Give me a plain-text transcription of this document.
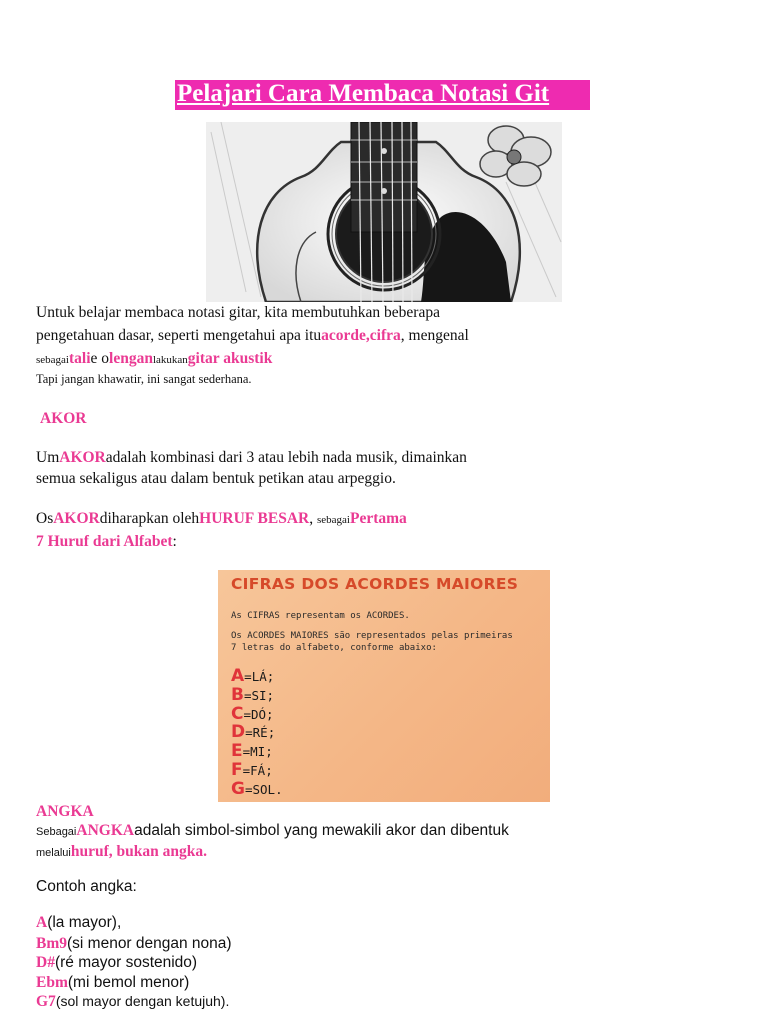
Pelajari Cara Membaca Notasi Git
Untuk belajar membaca notasi gitar, kita membutuhkan beberapa
pengetahuan dasar, seperti mengetahui apa ituacorde,cifra, mengenal
sebagaitalie olenganlakukangitar akustik
Tapi jangan khawatir, ini sangat sederhana.
AKOR
UmAKORadalah kombinasi dari 3 atau lebih nada musik, dimainkan
semua sekaligus atau dalam bentuk petikan atau arpeggio.
OsAKORdiharapkan olehHURUF BESAR, sebagaiPertama
7 Huruf dari Alfabet:
CIFRAS DOS ACORDES MAIORES
As CIFRAS representam os ACORDES.
Os ACORDES MAIORES são representados pelas primeiras
7 letras do alfabeto, conforme abaixo:
A=LÁ;
B=SI;
C=DÓ;
D=RÉ;
E=MI;
F=FÁ;
G=SOL.
ANGKA
SebagaiANGKAadalah simbol-simbol yang mewakili akor dan dibentuk
melaluihuruf, bukan angka.
Contoh angka:
A(la mayor),
Bm9(si menor dengan nona)
D#(ré mayor sostenido)
Ebm(mi bemol menor)
G7(sol mayor dengan ketujuh).
